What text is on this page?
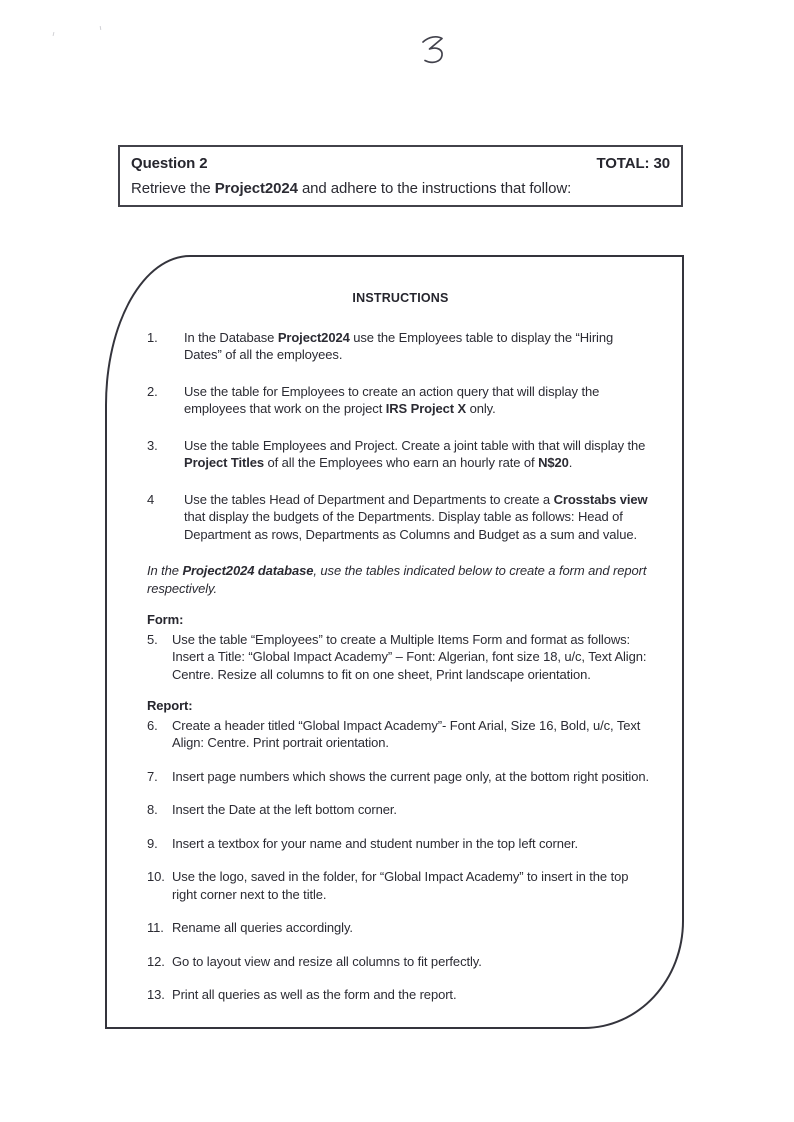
Question 2	TOTAL: 30
Retrieve the Project2024 and adhere to the instructions that follow:
INSTRUCTIONS
1.	In the Database Project2024 use the Employees table to display the “Hiring Dates” of all the employees.
2.	Use the table for Employees to create an action query that will display the employees that work on the project IRS Project X only.
3.	Use the table Employees and Project. Create a joint table with that will display the Project Titles of all the Employees who earn an hourly rate of N$20.
4	Use the tables Head of Department and Departments to create a Crosstabs view that display the budgets of the Departments. Display table as follows: Head of Department as rows, Departments as Columns and Budget as a sum and value.
In the Project2024 database, use the tables indicated below to create a form and report respectively.
Form:
5.	Use the table “Employees” to create a Multiple Items Form and format as follows: Insert a Title: “Global Impact Academy” – Font: Algerian, font size 18, u/c, Text Align: Centre. Resize all columns to fit on one sheet, Print landscape orientation.
Report:
6.	Create a header titled “Global Impact Academy”- Font Arial, Size 16, Bold, u/c, Text Align: Centre. Print portrait orientation.
7.	Insert page numbers which shows the current page only, at the bottom right position.
8.	Insert the Date at the left bottom corner.
9.	Insert a textbox for your name and student number in the top left corner.
10. Use the logo, saved in the folder, for “Global Impact Academy” to insert in the top right corner next to the title.
11. Rename all queries accordingly.
12. Go to layout view and resize all columns to fit perfectly.
13. Print all queries as well as the form and the report.
